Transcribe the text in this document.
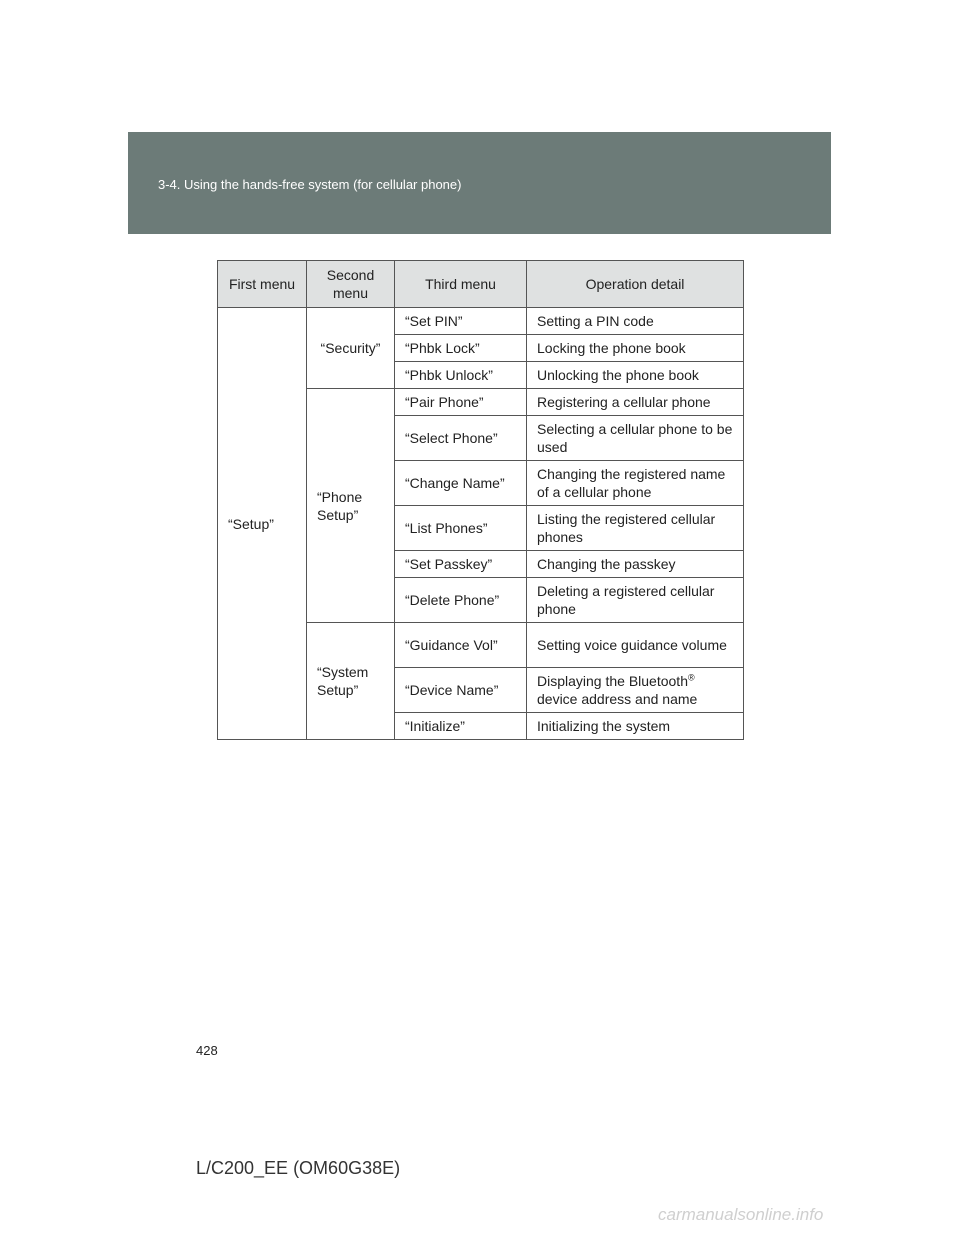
3-4. Using the hands-free system (for cellular phone)
First menu	Second menu	Third menu	Operation detail
“Setup”	“Security”	“Set PIN”	Setting a PIN code
		“Phbk Lock”	Locking the phone book
		“Phbk Unlock”	Unlocking the phone book
	“Phone Setup”	“Pair Phone”	Registering a cellular phone
		“Select Phone”	Selecting a cellular phone to be used
		“Change Name”	Changing the registered name of a cellular phone
		“List Phones”	Listing the registered cellular phones
		“Set Passkey”	Changing the passkey
		“Delete Phone”	Deleting a registered cellular phone
	“System Setup”	“Guidance Vol”	Setting voice guidance volume
		“Device Name”	Displaying the Bluetooth® device address and name
		“Initialize”	Initializing the system
428
L/C200_EE (OM60G38E)
carmanualsonline.info
